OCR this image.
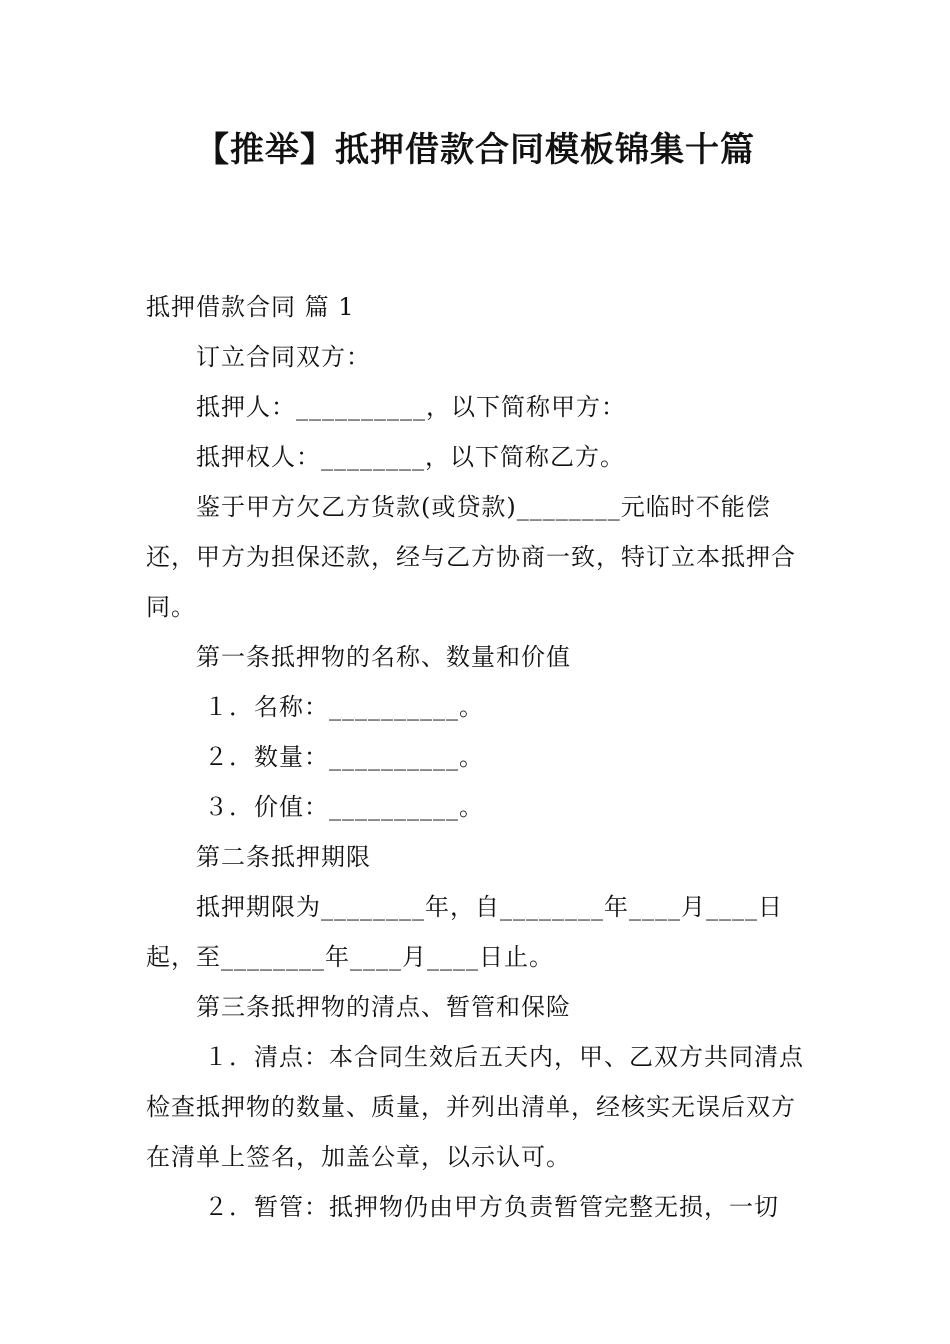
【推举】抵押借款合同模板锦集十篇

抵押借款合同 篇 1

订立合同双方：

抵押人：__________，以下简称甲方：

抵押权人：________，以下简称乙方。

鉴于甲方欠乙方货款(或贷款)________元临时不能偿还，甲方为担保还款，经与乙方协商一致，特订立本抵押合同。

第一条抵押物的名称、数量和价值

１．名称：__________。

２．数量：__________。

３．价值：__________。

第二条抵押期限

抵押期限为________年，自________年____月____日起，至________年____月____日止。

第三条抵押物的清点、暂管和保险

１．清点：本合同生效后五天内，甲、乙双方共同清点检查抵押物的数量、质量，并列出清单，经核实无误后双方在清单上签名，加盖公章，以示认可。

２．暂管：抵押物仍由甲方负责暂管完整无损，一切
